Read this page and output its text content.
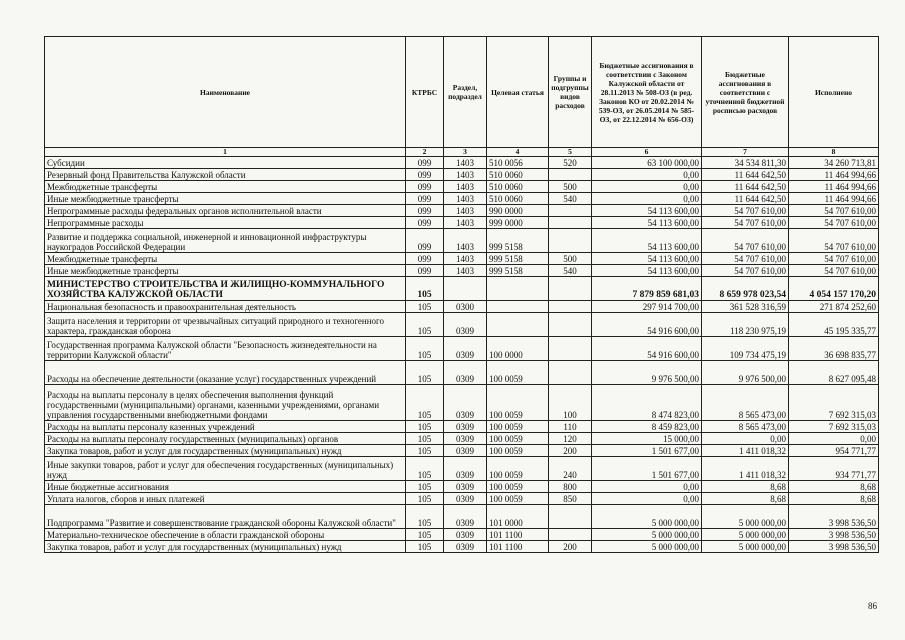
Наименование	КТРБС	Раздел, подраздел	Целевая статья	Группы и подгруппы видов расходов	Бюджетные ассигнования в соответствии с Законом Калужской области от 28.11.2013 № 508-ОЗ (в ред. Законов КО от 20.02.2014 № 539-ОЗ, от 26.05.2014 № 585-ОЗ, от 22.12.2014 № 656-ОЗ)	Бюджетные ассигнования в соответствии с уточненной бюджетной росписью расходов	Исполнено
1	2	3	4	5	6	7	8
Субсидии	099	1403	510 0056	520	63 100 000,00	34 534 811,30	34 260 713,81
Резервный фонд Правительства Калужской области	099	1403	510 0060		0,00	11 644 642,50	11 464 994,66
Межбюджетные трансферты	099	1403	510 0060	500	0,00	11 644 642,50	11 464 994,66
Иные межбюджетные трансферты	099	1403	510 0060	540	0,00	11 644 642,50	11 464 994,66
Непрограммные расходы федеральных органов исполнительной власти	099	1403	990 0000		54 113 600,00	54 707 610,00	54 707 610,00
Непрограммные расходы	099	1403	999 0000		54 113 600,00	54 707 610,00	54 707 610,00
Развитие и поддержка социальной, инженерной и инновационной инфраструктуры наукоградов Российской Федерации	099	1403	999 5158		54 113 600,00	54 707 610,00	54 707 610,00
Межбюджетные трансферты	099	1403	999 5158	500	54 113 600,00	54 707 610,00	54 707 610,00
Иные межбюджетные трансферты	099	1403	999 5158	540	54 113 600,00	54 707 610,00	54 707 610,00
МИНИСТЕРСТВО СТРОИТЕЛЬСТВА И ЖИЛИЩНО-КОММУНАЛЬНОГО ХОЗЯЙСТВА КАЛУЖСКОЙ ОБЛАСТИ	105				7 879 859 681,03	8 659 978 023,54	4 054 157 170,20
Национальная безопасность и правоохранительная деятельность	105	0300			297 914 700,00	361 528 316,59	271 874 252,60
Защита населения и территории от чрезвычайных ситуаций природного и техногенного характера, гражданская оборона	105	0309			54 916 600,00	118 230 975,19	45 195 335,77
Государственная программа Калужской области "Безопасность жизнедеятельности на территории Калужской области"	105	0309	100 0000		54 916 600,00	109 734 475,19	36 698 835,77
Расходы на обеспечение деятельности (оказание услуг) государственных учреждений	105	0309	100 0059		9 976 500,00	9 976 500,00	8 627 095,48
Расходы на выплаты персоналу в целях обеспечения выполнения функций государственными (муниципальными) органами, казенными учреждениями, органами управления государственными внебюджетными фондами	105	0309	100 0059	100	8 474 823,00	8 565 473,00	7 692 315,03
Расходы на выплаты персоналу казенных учреждений	105	0309	100 0059	110	8 459 823,00	8 565 473,00	7 692 315,03
Расходы на выплаты персоналу государственных (муниципальных) органов	105	0309	100 0059	120	15 000,00	0,00	0,00
Закупка товаров, работ и услуг для государственных (муниципальных) нужд	105	0309	100 0059	200	1 501 677,00	1 411 018,32	954 771,77
Иные закупки товаров, работ и услуг для обеспечения государственных (муниципальных) нужд	105	0309	100 0059	240	1 501 677,00	1 411 018,32	934 771,77
Иные бюджетные ассигнования	105	0309	100 0059	800	0,00	8,68	8,68
Уплата налогов, сборов и иных платежей	105	0309	100 0059	850	0,00	8,68	8,68
Подпрограмма "Развитие и совершенствование гражданской обороны Калужской области"	105	0309	101 0000		5 000 000,00	5 000 000,00	3 998 536,50
Материально-техническое обеспечение в области гражданской обороны	105	0309	101 1100		5 000 000,00	5 000 000,00	3 998 536,50
Закупка товаров, работ и услуг для государственных (муниципальных) нужд	105	0309	101 1100	200	5 000 000,00	5 000 000,00	3 998 536,50
86
